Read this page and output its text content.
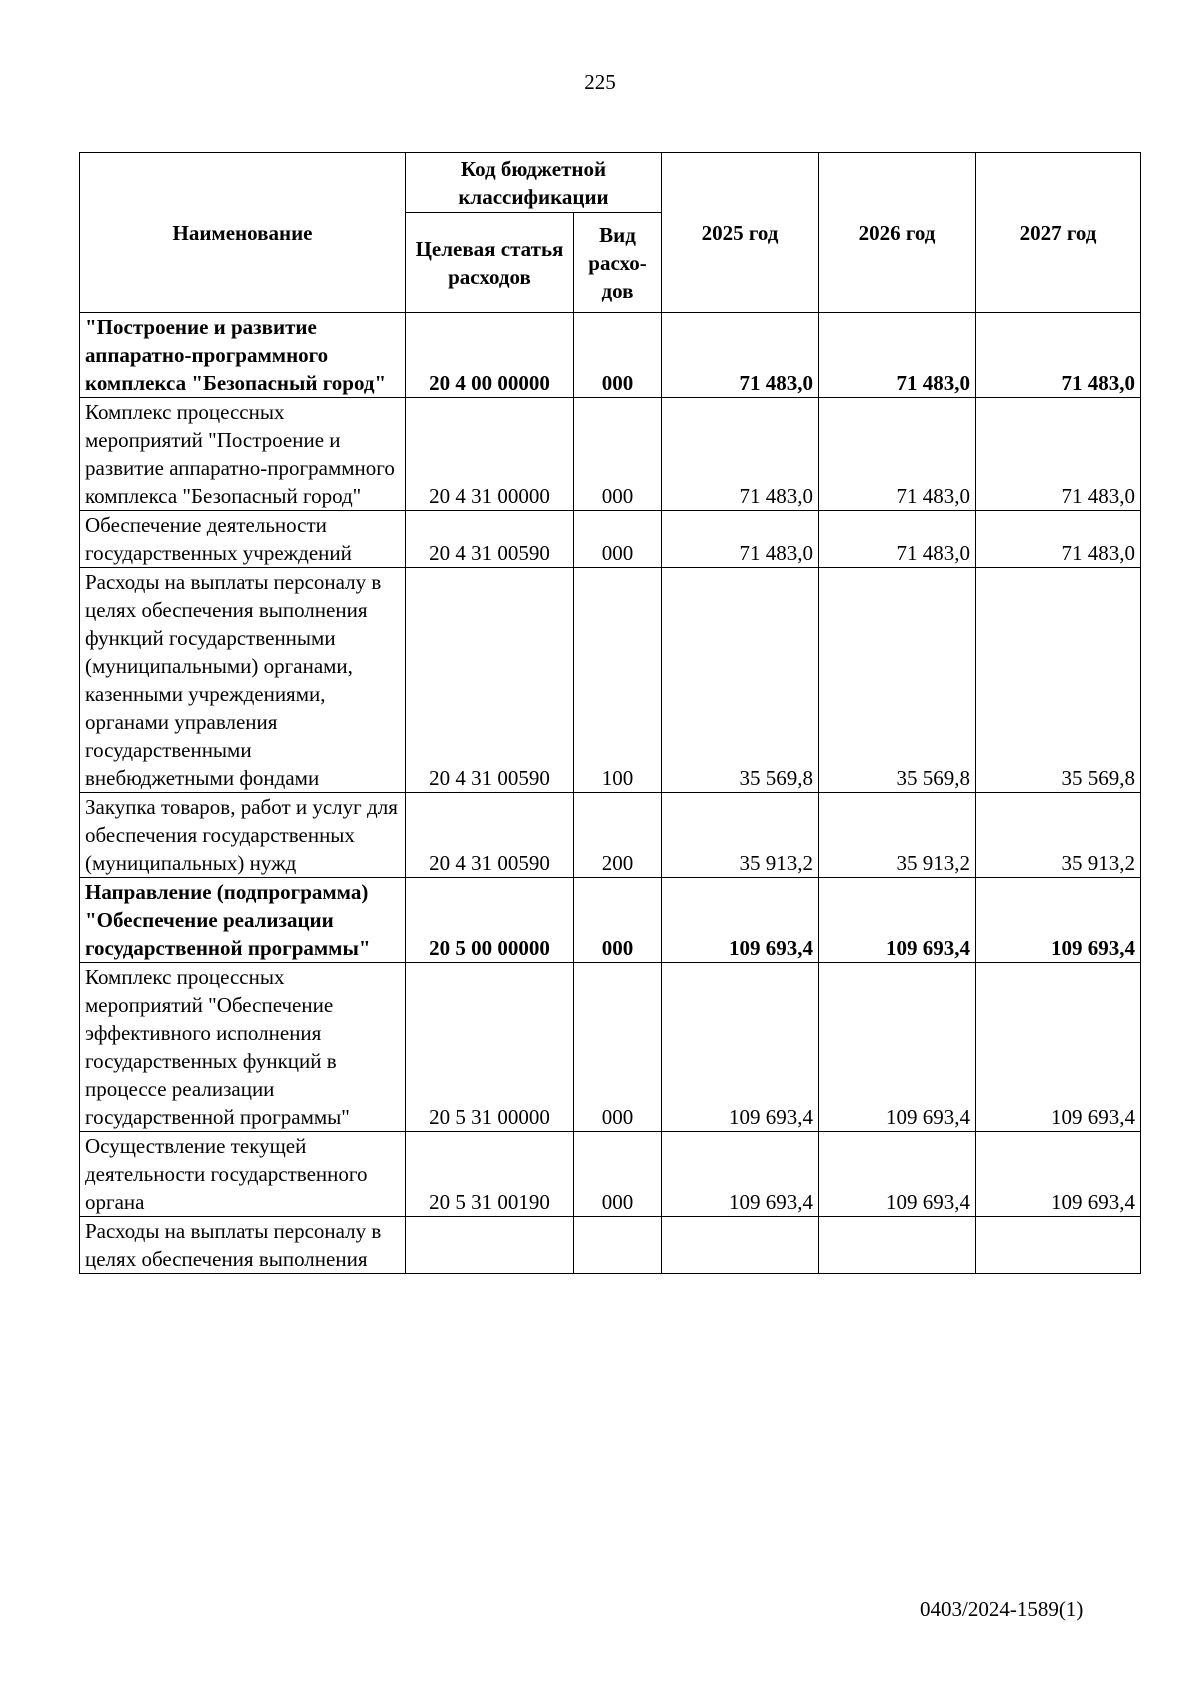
225
Наименование	Код бюджетной классификации		2025 год	2026 год	2027 год
	Целевая статья расходов	Вид расхо-дов			
"Построение и развитие аппаратно-программного комплекса "Безопасный город"	20 4 00 00000	000	71 483,0	71 483,0	71 483,0
Комплекс процессных мероприятий "Построение и развитие аппаратно-программного комплекса "Безопасный город"	20 4 31 00000	000	71 483,0	71 483,0	71 483,0
Обеспечение деятельности государственных учреждений	20 4 31 00590	000	71 483,0	71 483,0	71 483,0
Расходы на выплаты персоналу в целях обеспечения выполнения функций государственными (муниципальными) органами, казенными учреждениями, органами управления государственными внебюджетными фондами	20 4 31 00590	100	35 569,8	35 569,8	35 569,8
Закупка товаров, работ и услуг для обеспечения государственных (муниципальных) нужд	20 4 31 00590	200	35 913,2	35 913,2	35 913,2
Направление (подпрограмма) "Обеспечение реализации государственной программы"	20 5 00 00000	000	109 693,4	109 693,4	109 693,4
Комплекс процессных мероприятий "Обеспечение эффективного исполнения государственных функций в процессе реализации государственной программы"	20 5 31 00000	000	109 693,4	109 693,4	109 693,4
Осуществление текущей деятельности государственного органа	20 5 31 00190	000	109 693,4	109 693,4	109 693,4
Расходы на выплаты персоналу в целях обеспечения выполнения					
0403/2024-1589(1)
